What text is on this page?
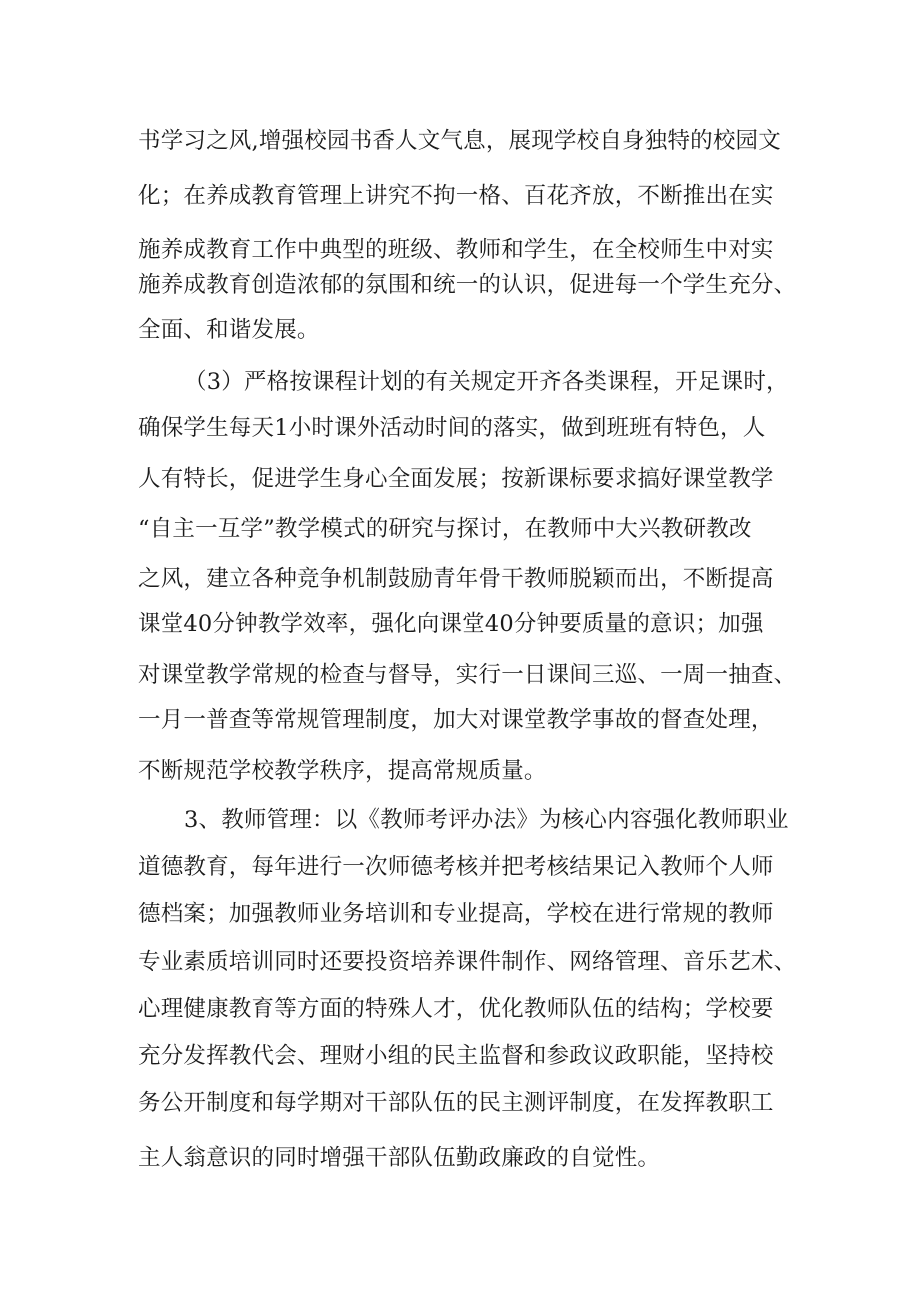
书学习之风,增强校园书香人文气息，展现学校自身独特的校园文
化；在养成教育管理上讲究不拘一格、百花齐放，不断推出在实
施养成教育工作中典型的班级、教师和学生，在全校师生中对实
施养成教育创造浓郁的氛围和统一的认识，促进每一个学生充分、
全面、和谐发展。
（3）严格按课程计划的有关规定开齐各类课程，开足课时，
确保学生每天1小时课外活动时间的落实，做到班班有特色，人
人有特长，促进学生身心全面发展；按新课标要求搞好课堂教学
“自主一互学”教学模式的研究与探讨，在教师中大兴教研教改
之风，建立各种竞争机制鼓励青年骨干教师脱颖而出，不断提高
课堂40分钟教学效率，强化向课堂40分钟要质量的意识；加强
对课堂教学常规的检查与督导，实行一日课间三巡、一周一抽查、
一月一普查等常规管理制度，加大对课堂教学事故的督查处理，
不断规范学校教学秩序，提高常规质量。
3、教师管理：以《教师考评办法》为核心内容强化教师职业
道德教育，每年进行一次师德考核并把考核结果记入教师个人师
德档案；加强教师业务培训和专业提高，学校在进行常规的教师
专业素质培训同时还要投资培养课件制作、网络管理、音乐艺术、
心理健康教育等方面的特殊人才，优化教师队伍的结构；学校要
充分发挥教代会、理财小组的民主监督和参政议政职能，坚持校
务公开制度和每学期对干部队伍的民主测评制度，在发挥教职工
主人翁意识的同时增强干部队伍勤政廉政的自觉性。
